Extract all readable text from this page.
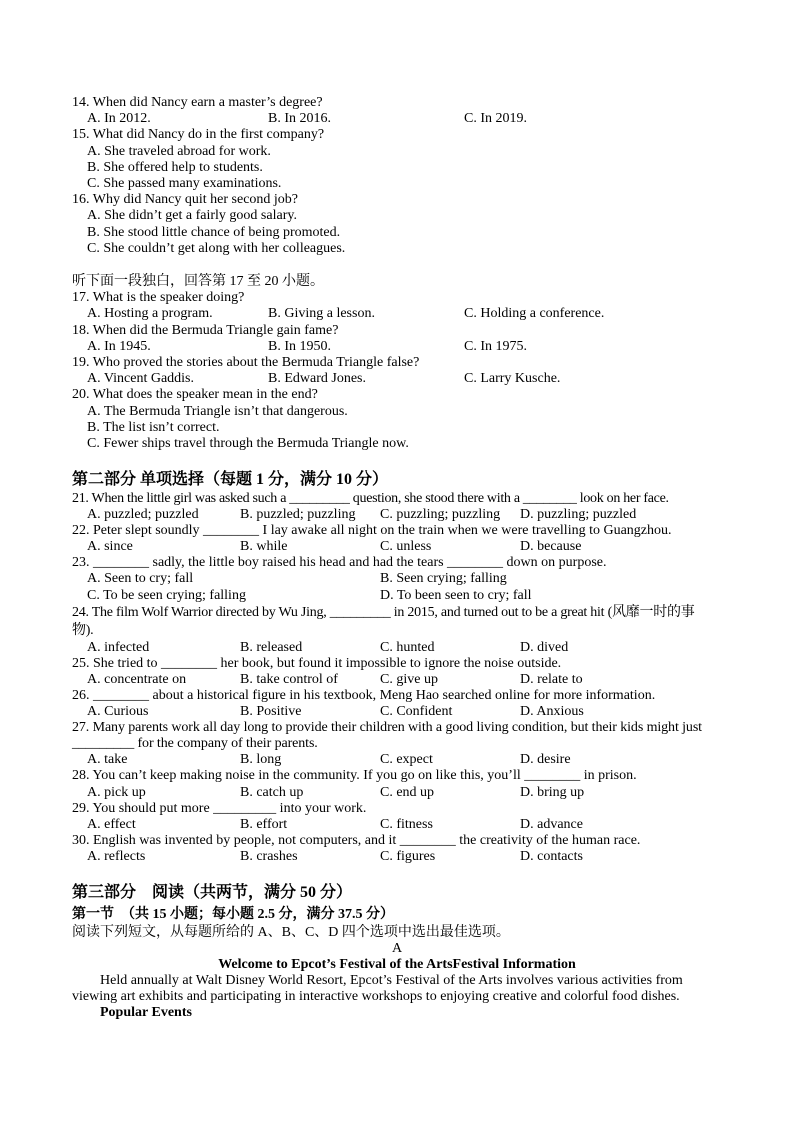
14. When did Nancy earn a master’s degree?
A. In 2012.	B. In 2016.	C. In 2019.
15. What did Nancy do in the first company?
A. She traveled abroad for work.
B. She offered help to students.
C. She passed many examinations.
16. Why did Nancy quit her second job?
A. She didn’t get a fairly good salary.
B. She stood little chance of being promoted.
C. She couldn’t get along with her colleagues.
听下面一段独白，回答第 17 至 20 小题。
17. What is the speaker doing?
A. Hosting a program.	B. Giving a lesson.	C. Holding a conference.
18. When did the Bermuda Triangle gain fame?
A. In 1945.	B. In 1950.	C. In 1975.
19. Who proved the stories about the Bermuda Triangle false?
A. Vincent Gaddis.	B. Edward Jones.	C. Larry Kusche.
20. What does the speaker mean in the end?
A. The Bermuda Triangle isn’t that dangerous.
B. The list isn’t correct.
C. Fewer ships travel through the Bermuda Triangle now.
第二部分 单项选择（每题 1 分，满分 10 分）
21. When the little girl was asked such a _________ question, she stood there with a ________ look on her face.
A. puzzled; puzzled	B. puzzled; puzzling C. puzzling; puzzling D. puzzling; puzzled
22. Peter slept soundly ________ I lay awake all night on the train when we were travelling to Guangzhou.
A. since	B. while	C. unless	D. because
23. ________ sadly, the little boy raised his head and had the tears ________ down on purpose.
A. Seen to cry; fall	B. Seen crying; falling
C. To be seen crying; falling	D. To been seen to cry; fall
24. The film Wolf Warrior directed by Wu Jing, _________ in 2015, and turned out to be a great hit (风靡一时的事
物).
A. infected	B. released	C. hunted	D. dived
25. She tried to ________ her book, but found it impossible to ignore the noise outside.
A. concentrate on	B. take control of	C. give up	D. relate to
26. ________ about a historical figure in his textbook, Meng Hao searched online for more information.
A. Curious	B. Positive	C. Confident	D. Anxious
27. Many parents work all day long to provide their children with a good living condition, but their kids might just
_________ for the company of their parents.
A. take	B. long	C. expect	D. desire
28. You can’t keep making noise in the community. If you go on like this, you’ll ________ in prison.
A. pick up	B. catch up	C. end up	D. bring up
29. You should put more _________ into your work.
A. effect	B. effort	C. fitness	D. advance
30. English was invented by people, not computers, and it ________ the creativity of the human race.
A. reflects	B. crashes	C. figures	D. contacts
第三部分　阅读（共两节，满分 50 分）
第一节　（共 15 小题；每小题 2.5 分，满分 37.5 分）
阅读下列短文，从每题所给的 A、B、C、D 四个选项中选出最佳选项。
A
Welcome to Epcot’s Festival of the ArtsFestival Information
Held annually at Walt Disney World Resort, Epcot’s Festival of the Arts involves various activities from
viewing art exhibits and participating in interactive workshops to enjoying creative and colorful food dishes.
Popular Events
